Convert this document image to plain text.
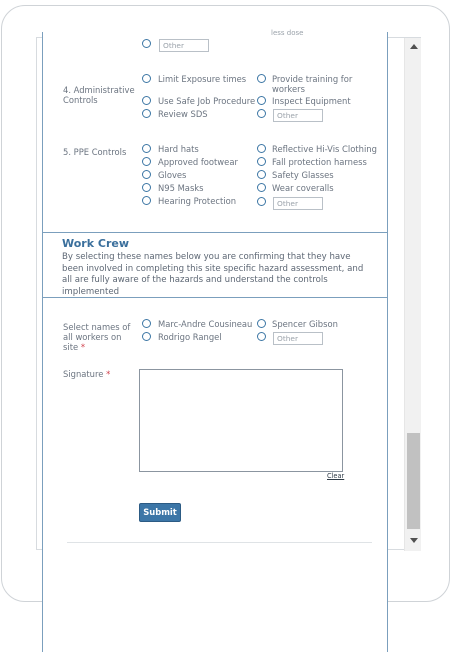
Other
less dose
4. Administrative Controls
Limit Exposure times
Use Safe Job Procedure
Review SDS
Provide training for workers
Inspect Equipment
Other
5. PPE Controls	Hard hats
Approved footwear
Gloves
N95 Masks
Hearing Protection
Reflective Hi-Vis Clothing
Fall protection harness
Safety Glasses
Wear coveralls
Other
Work Crew
By selecting these names below you are confirming that they have been involved in completing this site specific hazard assessment, and all are fully aware of the hazards and understand the controls implemented
Select names of all workers on site *
Marc-Andre Cousineau
Rodrigo Rangel
Spencer Gibson
Other
Signature *
Clear
Submit
